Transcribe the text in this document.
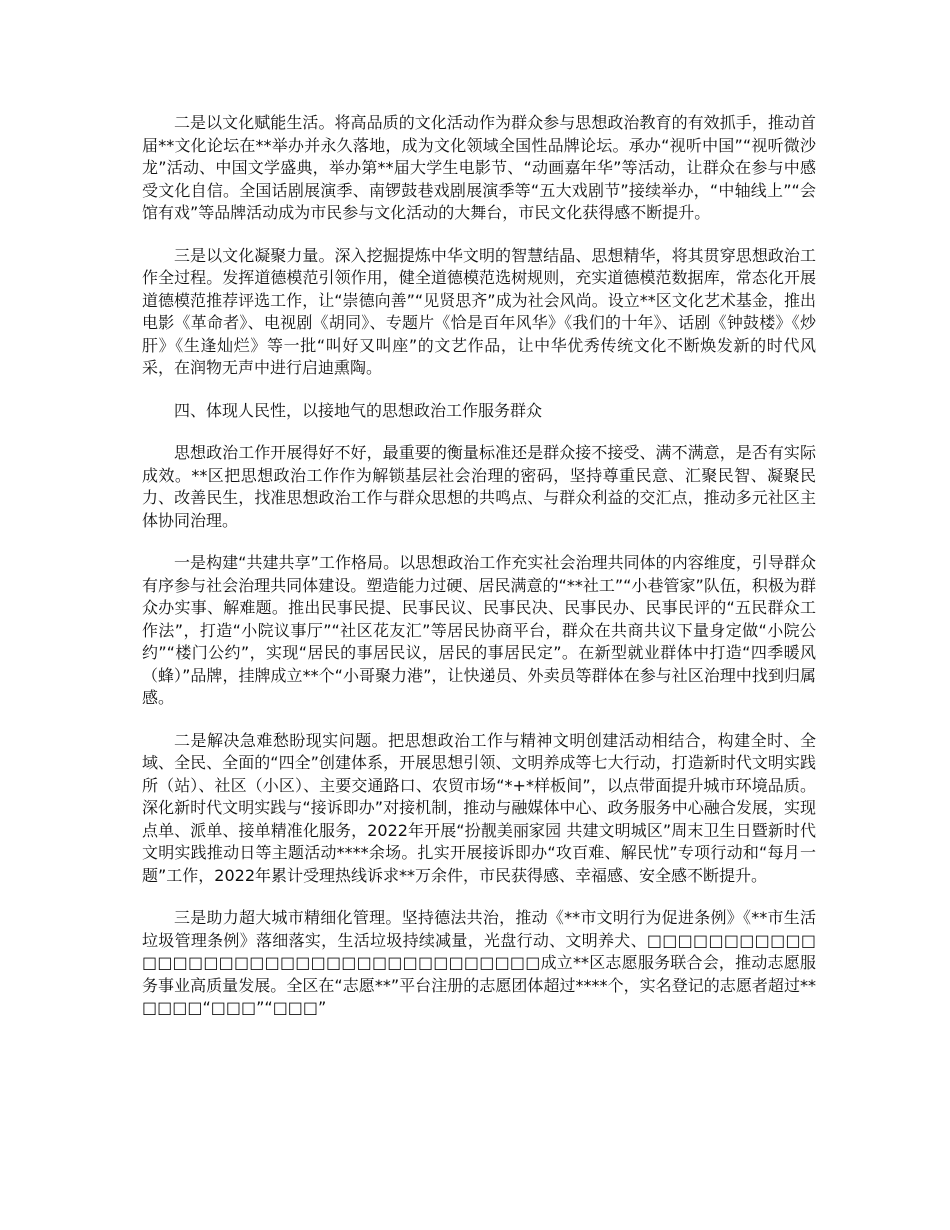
二是以文化赋能生活。将高品质的文化活动作为群众参与思想政治教育的有效抓手，推动首届**文化论坛在**举办并永久落地，成为文化领域全国性品牌论坛。承办“视听中国”“视听微沙龙”活动、中国文学盛典，举办第**届大学生电影节、“动画嘉年华”等活动，让群众在参与中感受文化自信。全国话剧展演季、南锣鼓巷戏剧展演季等“五大戏剧节”接续举办，“中轴线上”“会馆有戏”等品牌活动成为市民参与文化活动的大舞台，市民文化获得感不断提升。

三是以文化凝聚力量。深入挖掘提炼中华文明的智慧结晶、思想精华，将其贯穿思想政治工作全过程。发挥道德模范引领作用，健全道德模范选树规则，充实道德模范数据库，常态化开展道德模范推荐评选工作，让“崇德向善”“见贤思齐”成为社会风尚。设立**区文化艺术基金，推出电影《革命者》、电视剧《胡同》、专题片《恰是百年风华》《我们的十年》、话剧《钟鼓楼》《炒肝》《生逢灿烂》等一批“叫好又叫座”的文艺作品，让中华优秀传统文化不断焕发新的时代风采，在润物无声中进行启迪熏陶。

四、体现人民性，以接地气的思想政治工作服务群众

思想政治工作开展得好不好，最重要的衡量标准还是群众接不接受、满不满意，是否有实际成效。**区把思想政治工作作为解锁基层社会治理的密码，坚持尊重民意、汇聚民智、凝聚民力、改善民生，找准思想政治工作与群众思想的共鸣点、与群众利益的交汇点，推动多元社区主体协同治理。

一是构建“共建共享”工作格局。以思想政治工作充实社会治理共同体的内容维度，引导群众有序参与社会治理共同体建设。塑造能力过硬、居民满意的“**社工”“小巷管家”队伍，积极为群众办实事、解难题。推出民事民提、民事民议、民事民决、民事民办、民事民评的“五民群众工作法”，打造“小院议事厅”“社区花友汇”等居民协商平台，群众在共商共议下量身定做“小院公约”“楼门公约”，实现“居民的事居民议，居民的事居民定”。在新型就业群体中打造“四季暖风（蜂）”品牌，挂牌成立**个“小哥聚力港”，让快递员、外卖员等群体在参与社区治理中找到归属感。

二是解决急难愁盼现实问题。把思想政治工作与精神文明创建活动相结合，构建全时、全域、全民、全面的“四全”创建体系，开展思想引领、文明养成等七大行动，打造新时代文明实践所（站）、社区（小区）、主要交通路口、农贸市场“*+*样板间”，以点带面提升城市环境品质。深化新时代文明实践与“接诉即办”对接机制，推动与融媒体中心、政务服务中心融合发展，实现点单、派单、接单精准化服务，2022年开展“扮靓美丽家园 共建文明城区”周末卫生日暨新时代文明实践推动日等主题活动****余场。扎实开展接诉即办“攻百难、解民忧”专项行动和“每月一题”工作，2022年累计受理热线诉求**万余件，市民获得感、幸福感、安全感不断提升。

三是助力超大城市精细化管理。坚持德法共治，推动《**市文明行为促进条例》《**市生活垃圾管理条例》落细落实，生活垃圾持续减量，光盘行动、文明养犬、□□□□□□□□□□□□□□□□□□□□□□□□□□□□□□□□□□□□□成立**区志愿服务联合会，推动志愿服务事业高质量发展。全区在“志愿**”平台注册的志愿团体超过****个，实名登记的志愿者超过**□□□□“□□□”“□□□”
